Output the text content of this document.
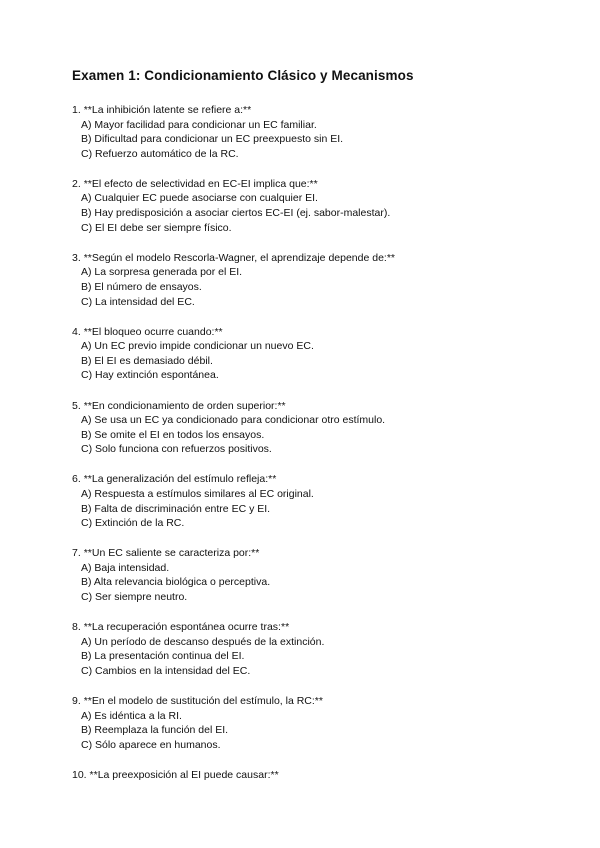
Examen 1: Condicionamiento Clásico y Mecanismos
1. **La inhibición latente se refiere a:**
A) Mayor facilidad para condicionar un EC familiar.
B) Dificultad para condicionar un EC preexpuesto sin EI.
C) Refuerzo automático de la RC.
2. **El efecto de selectividad en EC-EI implica que:**
A) Cualquier EC puede asociarse con cualquier EI.
B) Hay predisposición a asociar ciertos EC-EI (ej. sabor-malestar).
C) El EI debe ser siempre físico.
3. **Según el modelo Rescorla-Wagner, el aprendizaje depende de:**
A) La sorpresa generada por el EI.
B) El número de ensayos.
C) La intensidad del EC.
4. **El bloqueo ocurre cuando:**
A) Un EC previo impide condicionar un nuevo EC.
B) El EI es demasiado débil.
C) Hay extinción espontánea.
5. **En condicionamiento de orden superior:**
A) Se usa un EC ya condicionado para condicionar otro estímulo.
B) Se omite el EI en todos los ensayos.
C) Solo funciona con refuerzos positivos.
6. **La generalización del estímulo refleja:**
A) Respuesta a estímulos similares al EC original.
B) Falta de discriminación entre EC y EI.
C) Extinción de la RC.
7. **Un EC saliente se caracteriza por:**
A) Baja intensidad.
B) Alta relevancia biológica o perceptiva.
C) Ser siempre neutro.
8. **La recuperación espontánea ocurre tras:**
A) Un período de descanso después de la extinción.
B) La presentación continua del EI.
C) Cambios en la intensidad del EC.
9. **En el modelo de sustitución del estímulo, la RC:**
A) Es idéntica a la RI.
B) Reemplaza la función del EI.
C) Sólo aparece en humanos.
10. **La preexposición al EI puede causar:**
